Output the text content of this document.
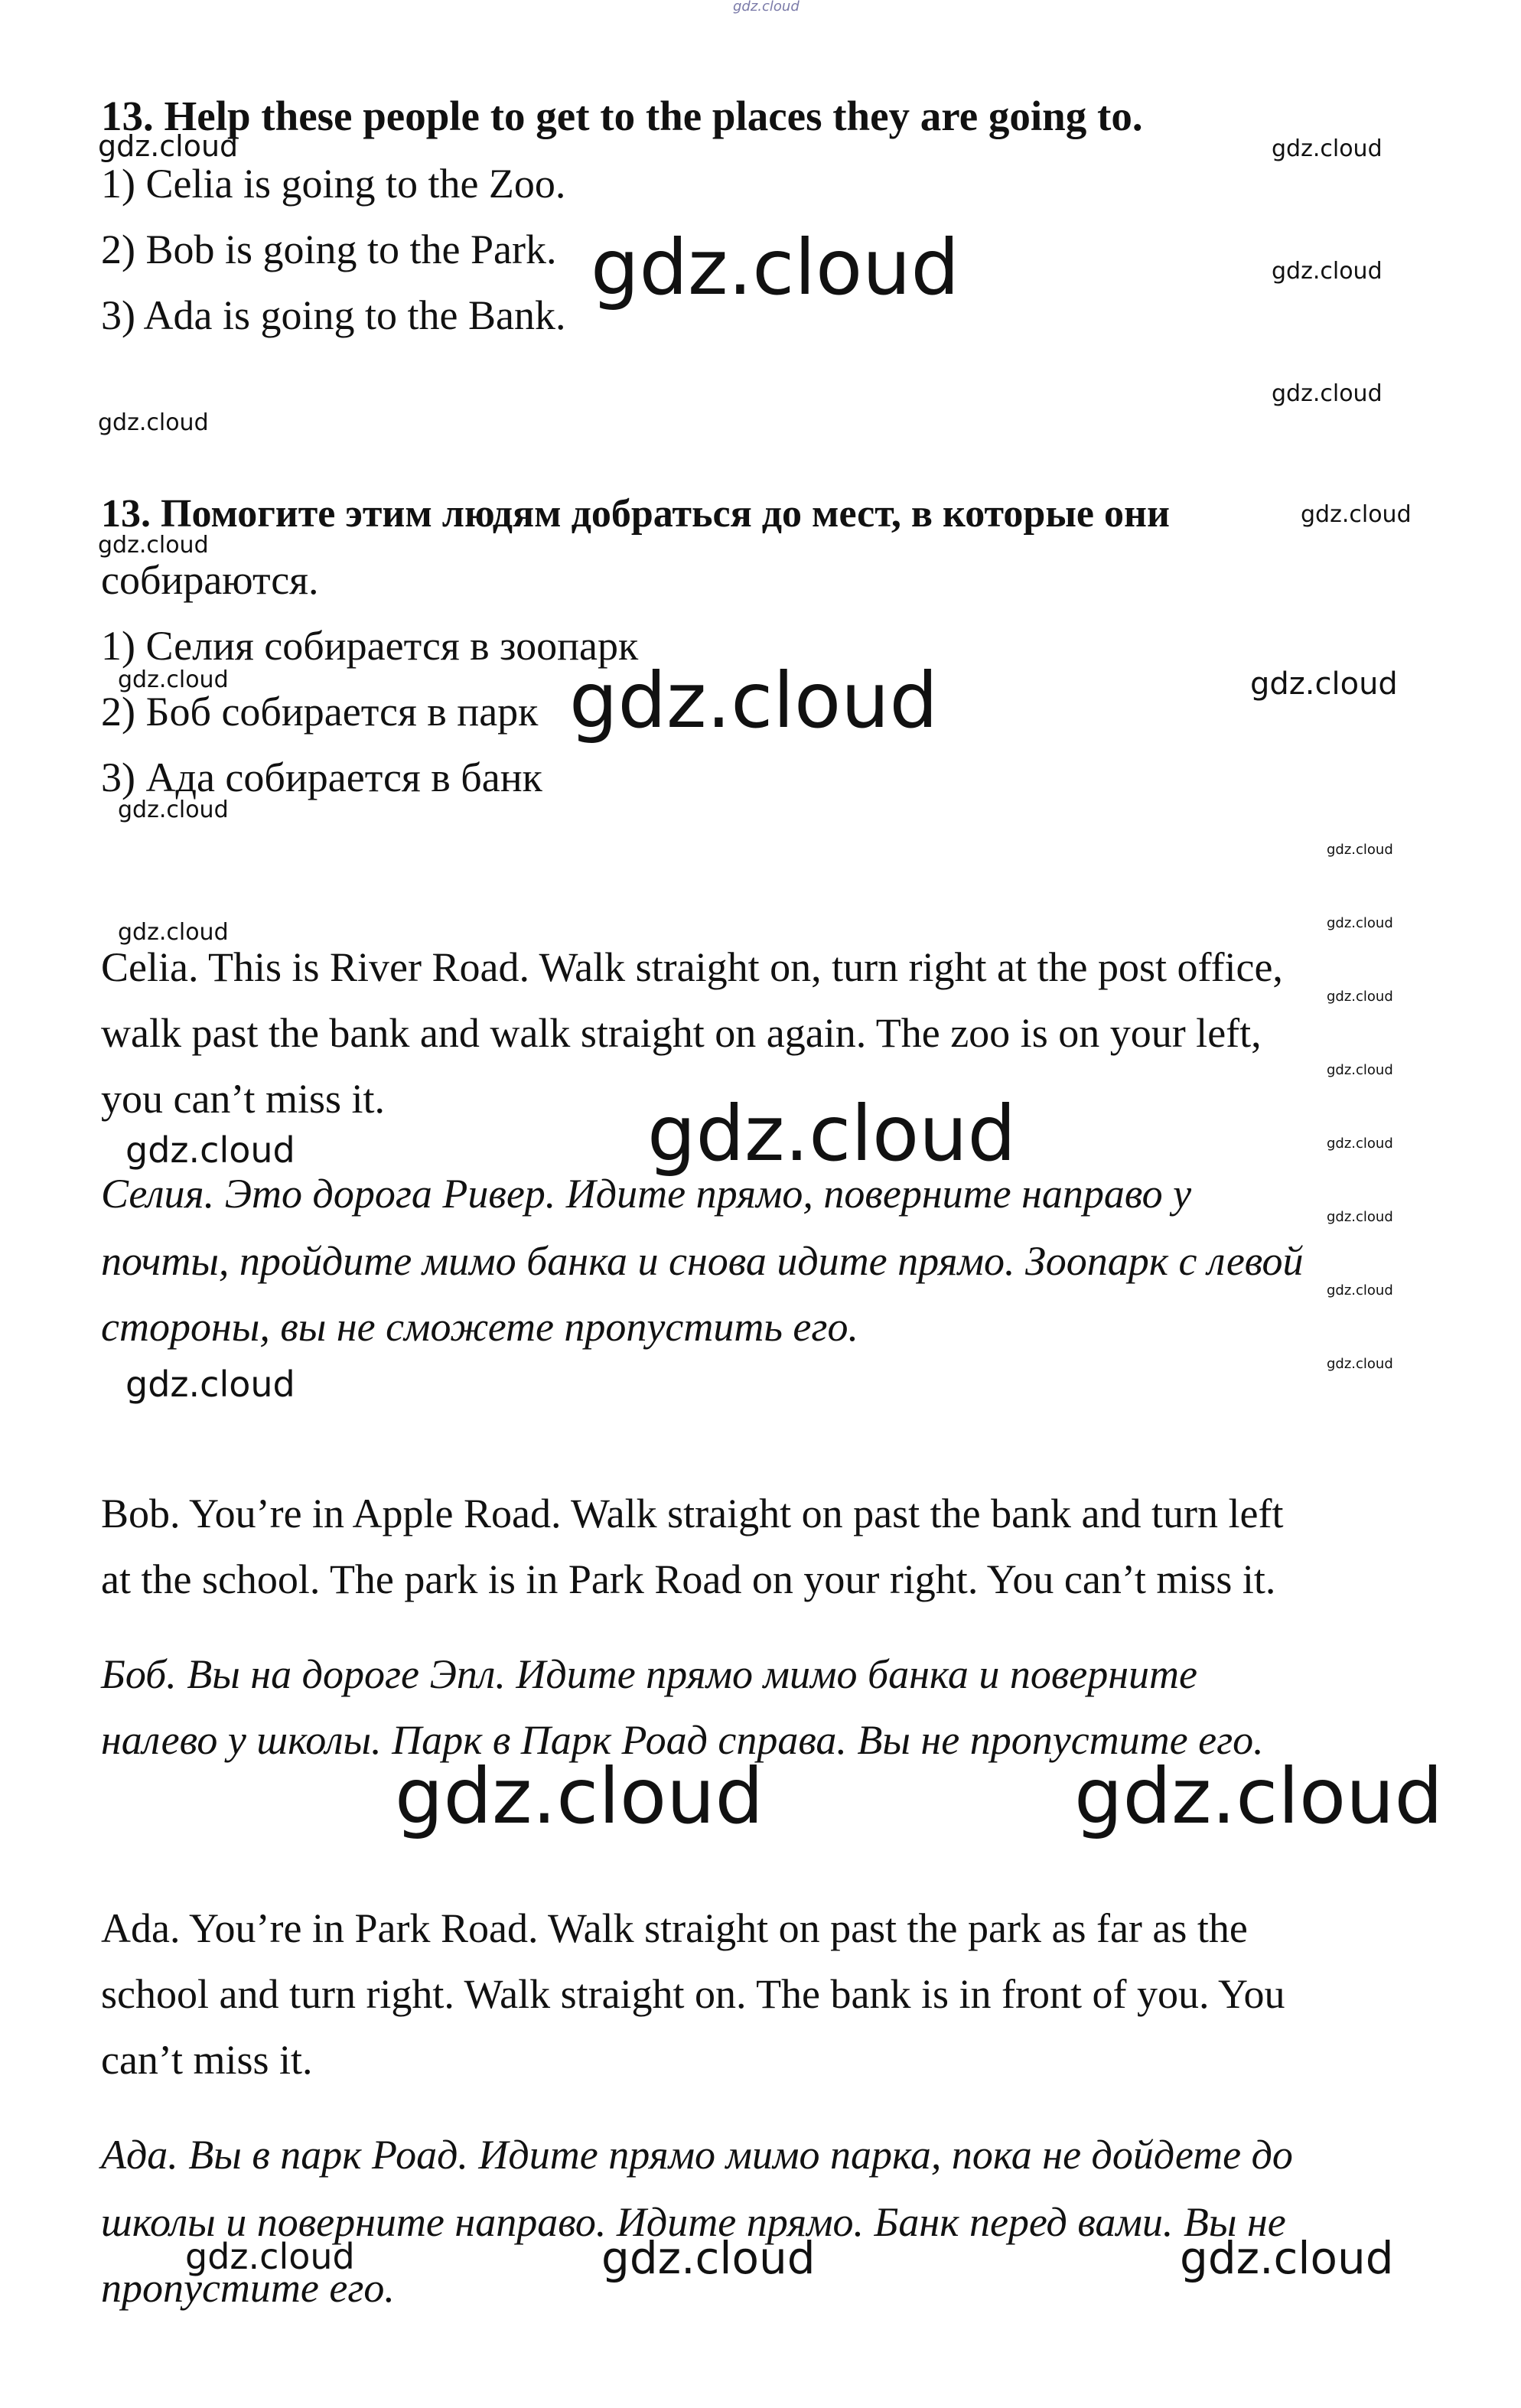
gdz.cloud
13. Help these people to get to the places they are going to.
1) Celia is going to the Zoo.
2) Bob is going to the Park.
3) Ada is going to the Bank.
13. Помогите этим людям добраться до мест, в которые они
собираются.
1) Селия собирается в зоопарк
2) Боб собирается в парк
3) Ада собирается в банк
Celia. This is River Road. Walk straight on, turn right at the post office,
walk past the bank and walk straight on again. The zoo is on your left,
you can’t miss it.
Селия. Это дорога Ривер. Идите прямо, поверните направо у
почты, пройдите мимо банка и снова идите прямо. Зоопарк с левой
стороны, вы не сможете пропустить его.
Bob. You’re in Apple Road. Walk straight on past the bank and turn left
at the school. The park is in Park Road on your right. You can’t miss it.
Боб. Вы на дороге Эпл. Идите прямо мимо банка и поверните
налево у школы. Парк в Парк Роад справа. Вы не пропустите его.
Ada. You’re in Park Road. Walk straight on past the park as far as the
school and turn right. Walk straight on. The bank is in front of you. You
can’t miss it.
Ада. Вы в парк Роад. Идите прямо мимо парка, пока не дойдете до
школы и поверните направо. Идите прямо. Банк перед вами. Вы не
пропустите его.
gdz.cloud
gdz.cloud
gdz.cloud
gdz.cloud	gdz.cloud
gdz.cloud
gdz.cloud
gdz.cloud	gdz.cloud	gdz.cloud
gdz.cloud
gdz.cloud	gdz.cloud
gdz.cloud
gdz.cloud
gdz.cloud
gdz.cloud
gdz.cloud
gdz.cloud
gdz.cloud
gdz.cloud
gdz.cloud
gdz.cloud
gdz.cloud
gdz.cloud
gdz.cloud
gdz.cloud
gdz.cloud
gdz.cloud
